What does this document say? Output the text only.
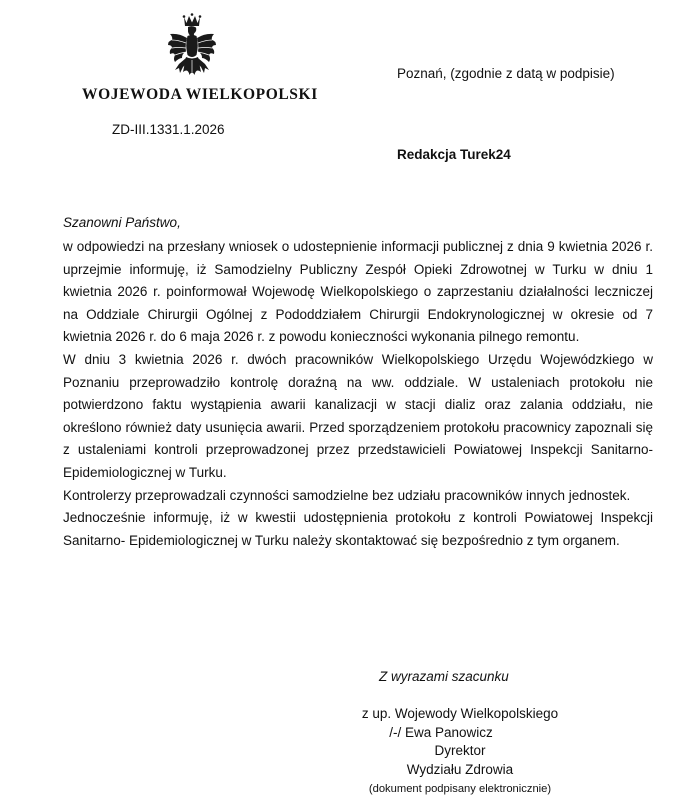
WOJEWODA WIELKOPOLSKI
ZD-III.1331.1.2026
Poznań, (zgodnie z datą w podpisie)
Redakcja Turek24
Szanowni Państwo,

w odpowiedzi na przesłany wniosek o udostepnienie informacji publicznej z dnia 9 kwietnia 2026 r. uprzejmie informuję, iż Samodzielny Publiczny Zespół Opieki Zdrowotnej w Turku w dniu 1 kwietnia 2026 r. poinformował Wojewodę Wielkopolskiego o zaprzestaniu działalności leczniczej na Oddziale Chirurgii Ogólnej z Pododdziałem Chirurgii Endokrynologicznej w okresie od 7 kwietnia 2026 r. do 6 maja 2026 r. z powodu konieczności wykonania pilnego remontu.

W dniu 3 kwietnia 2026 r. dwóch pracowników Wielkopolskiego Urzędu Wojewódzkiego w Poznaniu przeprowadziło kontrolę doraźną na ww. oddziale. W ustaleniach protokołu nie potwierdzono faktu wystąpienia awarii kanalizacji w stacji dializ oraz zalania oddziału, nie określono również daty usunięcia awarii. Przed sporządzeniem protokołu pracownicy zapoznali się z ustaleniami kontroli przeprowadzonej przez przedstawicieli Powiatowej Inspekcji Sanitarno- Epidemiologicznej w Turku.

Kontrolerzy przeprowadzali czynności samodzielne bez udziału pracowników innych jednostek.

Jednocześnie informuję, iż w kwestii udostępnienia protokołu z kontroli Powiatowej Inspekcji Sanitarno- Epidemiologicznej w Turku należy skontaktować się bezpośrednio z tym organem.

Z wyrazami szacunku
z up. Wojewody Wielkopolskiego
/-/ Ewa Panowicz
Dyrektor
Wydziału Zdrowia
(dokument podpisany elektronicznie)
